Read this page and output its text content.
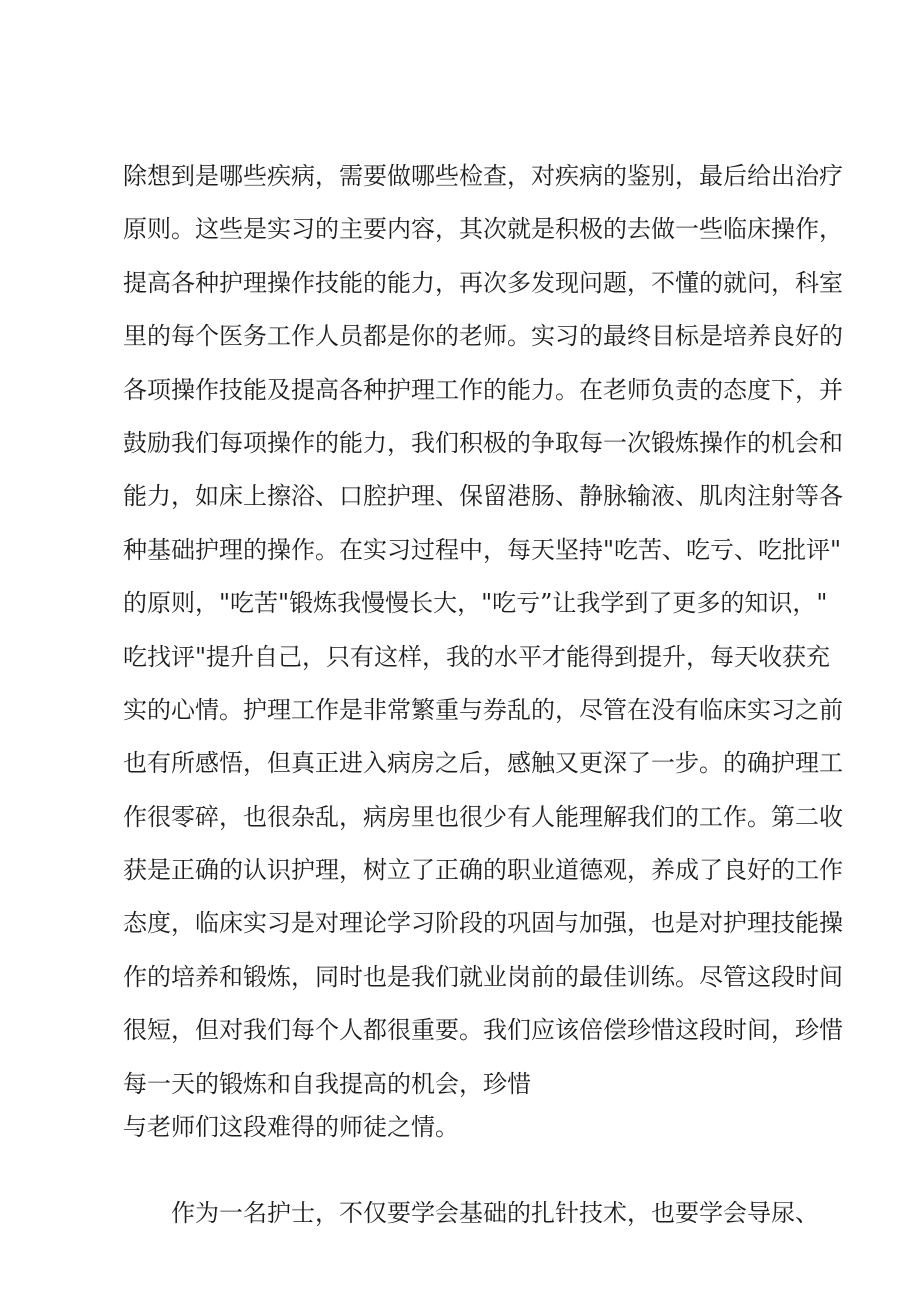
除想到是哪些疾病，需要做哪些检查，对疾病的鉴别，最后给出治疗
原则。这些是实习的主要内容，其次就是积极的去做一些临床操作，
提高各种护理操作技能的能力，再次多发现问题，不懂的就问，科室
里的每个医务工作人员都是你的老师。实习的最终目标是培养良好的
各项操作技能及提高各种护理工作的能力。在老师负责的态度下，并
鼓励我们每项操作的能力，我们积极的争取每一次锻炼操作的机会和
能力，如床上擦浴、口腔护理、保留港肠、静脉输液、肌肉注射等各
种基础护理的操作。在实习过程中，每天坚持"吃苦、吃亏、吃批评"
的原则，"吃苦"锻炼我慢慢长大，"吃亏”让我学到了更多的知识，"
吃找评"提升自己，只有这样，我的水平才能得到提升，每天收获充
实的心情。护理工作是非常繁重与券乱的，尽管在没有临床实习之前
也有所感悟，但真正进入病房之后，感触又更深了一步。的确护理工
作很零碎，也很杂乱，病房里也很少有人能理解我们的工作。第二收
获是正确的认识护理，树立了正确的职业道德观，养成了良好的工作
态度，临床实习是对理论学习阶段的巩固与加强，也是对护理技能操
作的培养和锻炼，同时也是我们就业岗前的最佳训练。尽管这段时间
很短，但对我们每个人都很重要。我们应该倍偿珍惜这段时间，珍惜
每一天的锻炼和自我提高的机会，珍惜
与老师们这段难得的师徒之情。
作为一名护士，不仅要学会基础的扎针技术，也要学会导尿、
